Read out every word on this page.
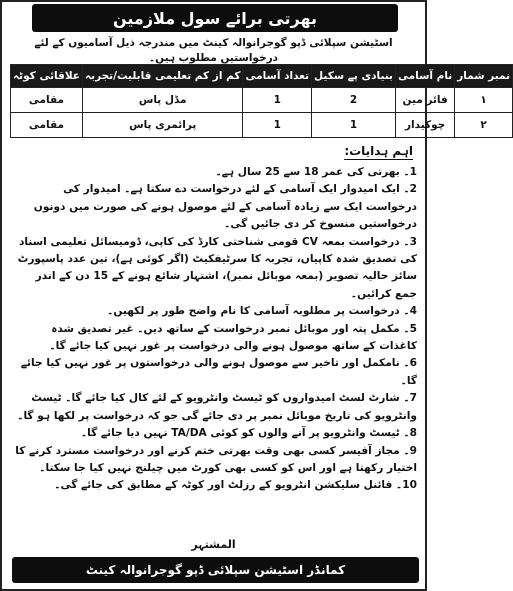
بھرتی برائے سول ملازمین
اسٹیشن سپلائی ڈپو گوجرانوالہ کینٹ میں مندرجہ ذیل آسامیوں کے لئے درخواستیں مطلوب ہیں۔
نمبر شمار	نام آسامی	بنیادی پے سکیل	تعداد آسامی	کم از کم تعلیمی قابلیت/تجربہ	علاقائی کوٹہ
۱	فائر مین	2	1	مڈل پاس	مقامی
۲	چوکیدار	1	1	پرائمری پاس	مقامی
اہم ہدایات:

1۔ بھرتی کی عمر 18 سے 25 سال ہے۔

2۔ ایک امیدوار ایک آسامی کے لئے درخواست دے سکتا ہے۔ امیدوار کی درخواست ایک سے زیادہ آسامی کے لئے موصول ہونے کی صورت میں دونوں درخواستیں منسوخ کر دی جائیں گی۔

3۔ درخواست بمعہ CV قومی شناختی کارڈ کی کاپی، ڈومیسائل تعلیمی اسناد کی تصدیق شدہ کاپیاں، تجربہ کا سرٹیفکیٹ (اگر کوئی ہے)، تین عدد پاسپورٹ سائز حالیہ تصویر (بمعہ موبائل نمبر)، اشتہار شائع ہونے کے 15 دن کے اندر جمع کرائیں۔

4۔ درخواست پر مطلوبہ آسامی کا نام واضح طور پر لکھیں۔

5۔ مکمل پتہ اور موبائل نمبر درخواست کے ساتھ دیں۔ غیر تصدیق شدہ کاغذات کے ساتھ موصول ہونے والی درخواست پر غور نہیں کیا جائے گا۔

6۔ نامکمل اور تاخیر سے موصول ہونے والی درخواستوں پر غور نہیں کیا جائے گا۔

7۔ شارٹ لسٹ امیدواروں کو ٹیسٹ وانٹرویو کے لئے کال کیا جائے گا۔ ٹیسٹ وانٹرویو کی تاریخ موبائل نمبر پر دی جائے گی جو کہ درخواست پر لکھا ہو گا۔

8۔ ٹیسٹ وانٹرویو پر آنے والوں کو کوئی TA/DA نہیں دیا جائے گا۔

9۔ مجاز آفیسر کسی بھی وقت بھرتی ختم کرنے اور درخواست مسترد کرنے کا اختیار رکھتا ہے اور اس کو کسی بھی کورٹ میں چیلنج نہیں کیا جا سکتا۔

10۔ فائنل سلیکشن انٹرویو کے رزلٹ اور کوٹہ کے مطابق کی جائے گی۔

المشتہر
کمانڈر اسٹیشن سپلائی ڈپو گوجرانوالہ کینٹ
